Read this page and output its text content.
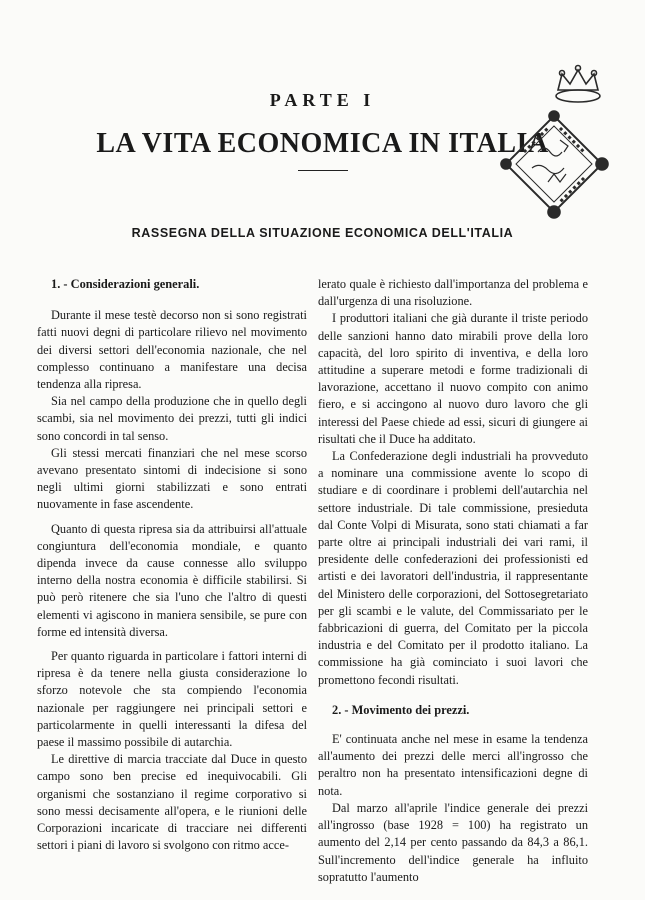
PARTE I
LA VITA ECONOMICA IN ITALIA
RASSEGNA DELLA SITUAZIONE ECONOMICA DELL'ITALIA

1. - Considerazioni generali.

Durante il mese testè decorso non si sono registrati fatti nuovi degni di particolare rilievo nel movimento dei diversi settori dell'economia nazionale, che nel complesso continuano a manifestare una decisa tendenza alla ripresa.

Sia nel campo della produzione che in quello degli scambi, sia nel movimento dei prezzi, tutti gli indici sono concordi in tal senso.

Gli stessi mercati finanziari che nel mese scorso avevano presentato sintomi di indecisione si sono negli ultimi giorni stabilizzati e sono entrati nuovamente in fase ascendente.

Quanto di questa ripresa sia da attribuirsi all'attuale congiuntura dell'economia mondiale, e quanto dipenda invece da cause connesse allo sviluppo interno della nostra economia è difficile stabilirsi. Si può però ritenere che sia l'uno che l'altro di questi elementi vi agiscono in maniera sensibile, se pure con forme ed intensità diversa.

Per quanto riguarda in particolare i fattori interni di ripresa è da tenere nella giusta considerazione lo sforzo notevole che sta compiendo l'economia nazionale per raggiungere nei principali settori e particolarmente in quelli interessanti la difesa del paese il massimo possibile di autarchia.

Le direttive di marcia tracciate dal Duce in questo campo sono ben precise ed inequivocabili. Gli organismi che sostanziano il regime corporativo si sono messi decisamente all'opera, e le riunioni delle Corporazioni incaricate di tracciare nei differenti settori i piani di lavoro si svolgono con ritmo acce-

lerato quale è richiesto dall'importanza del problema e dall'urgenza di una risoluzione.

I produttori italiani che già durante il triste periodo delle sanzioni hanno dato mirabili prove della loro capacità, del loro spirito di inventiva, e della loro attitudine a superare metodi e forme tradizionali di lavorazione, accettano il nuovo compito con animo fiero, e si accingono al nuovo duro lavoro che gli interessi del Paese chiede ad essi, sicuri di giungere ai risultati che il Duce ha additato.

La Confederazione degli industriali ha provveduto a nominare una commissione avente lo scopo di studiare e di coordinare i problemi dell'autarchia nel settore industriale. Di tale commissione, presieduta dal Conte Volpi di Misurata, sono stati chiamati a far parte oltre ai principali industriali dei vari rami, il presidente delle confederazioni dei professionisti ed artisti e dei lavoratori dell'industria, il rappresentante del Ministero delle corporazioni, del Sottosegretariato per gli scambi e le valute, del Commissariato per le fabbricazioni di guerra, del Comitato per la piccola industria e del Comitato per il prodotto italiano. La commissione ha già cominciato i suoi lavori che promettono fecondi risultati.

2. - Movimento dei prezzi.

E' continuata anche nel mese in esame la tendenza all'aumento dei prezzi delle merci all'ingrosso che peraltro non ha presentato intensificazioni degne di nota.

Dal marzo all'aprile l'indice generale dei prezzi all'ingrosso (base 1928 = 100) ha registrato un aumento del 2,14 per cento passando da 84,3 a 86,1. Sull'incremento dell'indice generale ha influito sopratutto l'aumento
